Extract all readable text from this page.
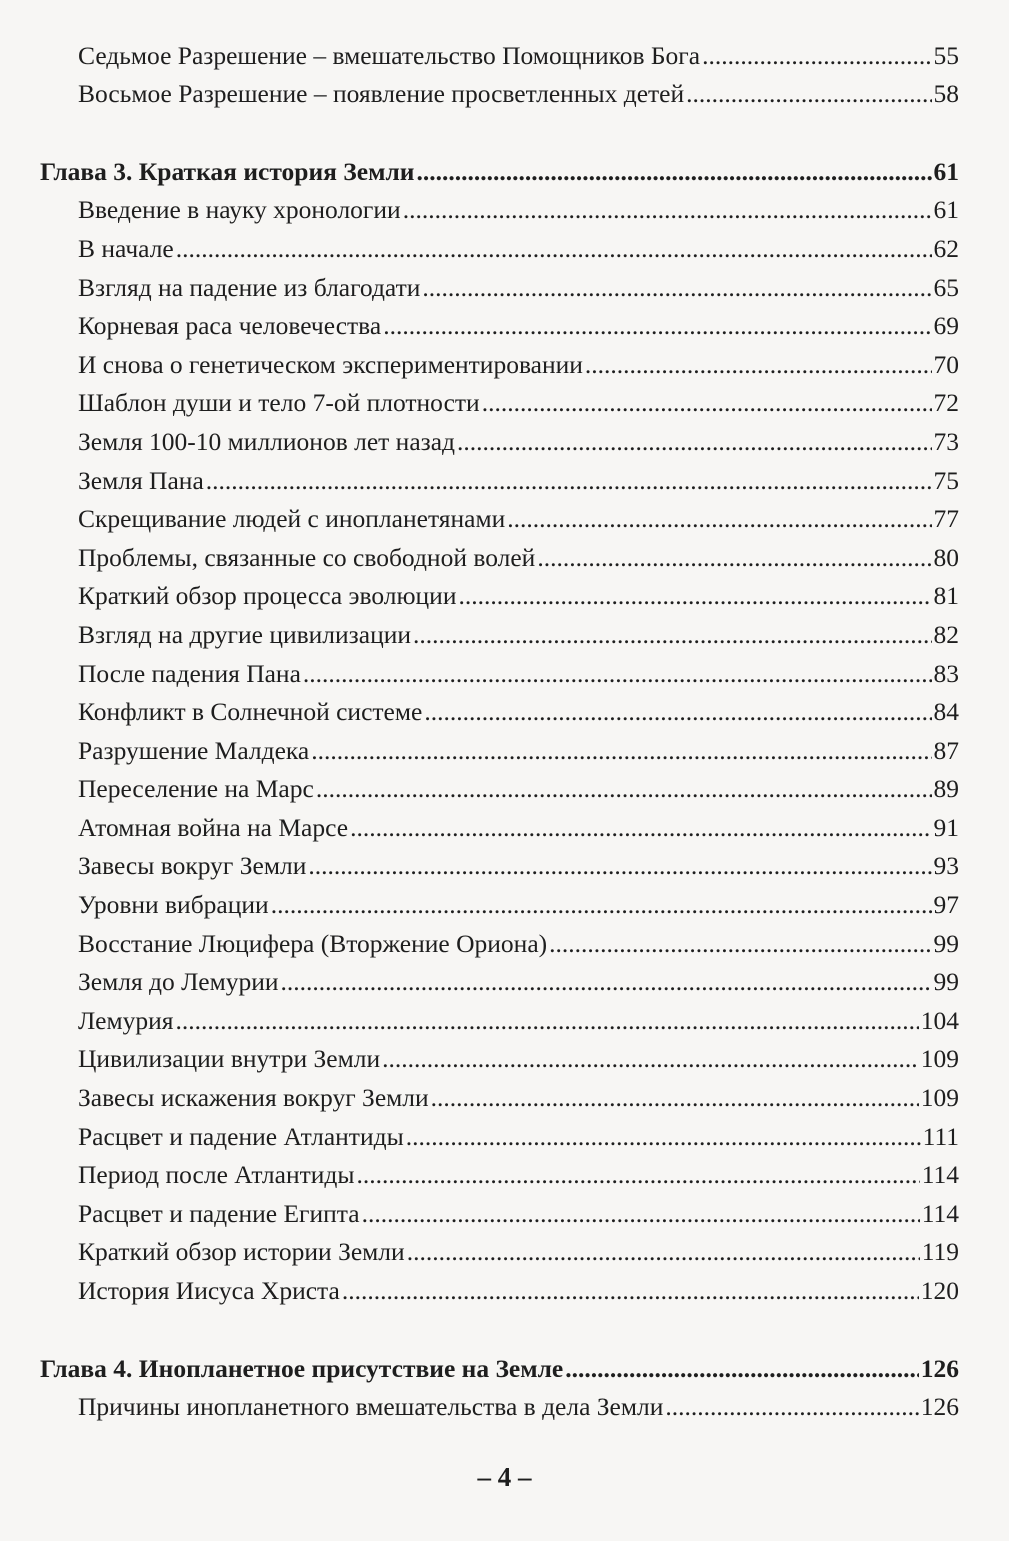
Седьмое Разрешение – вмешательство Помощников Бога .....	55
Восьмое Разрешение – появление просветленных детей .....	58
Глава 3. Краткая история Земли .....	61
Введение в науку хронологии .....	61
В начале .....	62
Взгляд на падение из благодати .....	65
Корневая раса человечества .....	69
И снова о генетическом экспериментировании .....	70
Шаблон души и тело 7-ой плотности .....	72
Земля 100-10 миллионов лет назад .....	73
Земля Пана .....	75
Скрещивание людей с инопланетянами .....	77
Проблемы, связанные со свободной волей .....	80
Краткий обзор процесса эволюции .....	81
Взгляд на другие цивилизации .....	82
После падения Пана .....	83
Конфликт в Солнечной системе .....	84
Разрушение Малдека .....	87
Переселение на Марс .....	89
Атомная война на Марсе .....	91
Завесы вокруг Земли .....	93
Уровни вибрации .....	97
Восстание Люцифера (Вторжение Ориона) .....	99
Земля до Лемурии .....	99
Лемурия .....	104
Цивилизации внутри Земли .....	109
Завесы искажения вокруг Земли .....	109
Расцвет и падение Атлантиды .....	111
Период после Атлантиды .....	114
Расцвет и падение Египта .....	114
Краткий обзор истории Земли .....	119
История Иисуса Христа .....	120
Глава 4. Инопланетное присутствие на Земле .....	126
Причины инопланетного вмешательства в дела Земли .....	126
– 4 –
